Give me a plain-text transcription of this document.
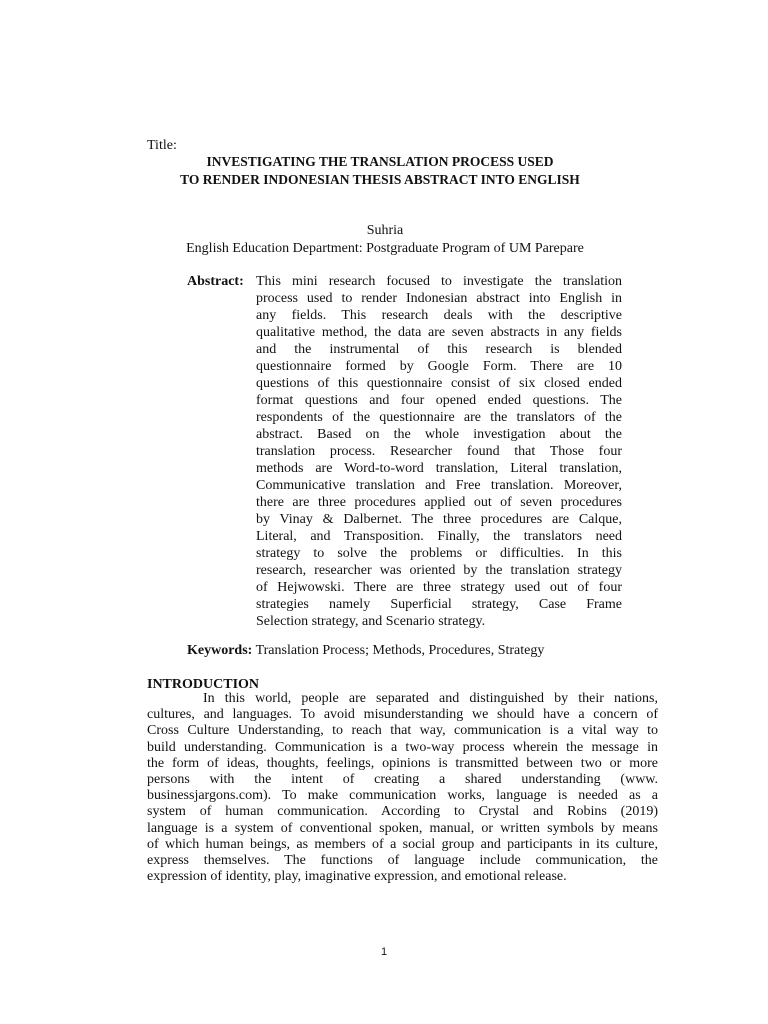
Title:
INVESTIGATING THE TRANSLATION PROCESS USED
TO RENDER INDONESIAN THESIS ABSTRACT INTO ENGLISH
Suhria
English Education Department: Postgraduate Program of UM Parepare
Abstract: This mini research focused to investigate the translation
process used to render Indonesian abstract into English in
any fields. This research deals with the descriptive
qualitative method, the data are seven abstracts in any fields
and the instrumental of this research is blended
questionnaire formed by Google Form. There are 10
questions of this questionnaire consist of six closed ended
format questions and four opened ended questions. The
respondents of the questionnaire are the translators of the
abstract. Based on the whole investigation about the
translation process. Researcher found that Those four
methods are Word-to-word translation, Literal translation,
Communicative translation and Free translation. Moreover,
there are three procedures applied out of seven procedures
by Vinay & Dalbernet. The three procedures are Calque,
Literal, and Transposition. Finally, the translators need
strategy to solve the problems or difficulties. In this
research, researcher was oriented by the translation strategy
of Hejwowski. There are three strategy used out of four
strategies namely Superficial strategy, Case Frame
Selection strategy, and Scenario strategy.
Keywords: Translation Process; Methods, Procedures, Strategy
INTRODUCTION
In this world, people are separated and distinguished by their nations,
cultures, and languages. To avoid misunderstanding we should have a concern of
Cross Culture Understanding, to reach that way, communication is a vital way to
build understanding. Communication is a two-way process wherein the message in
the form of ideas, thoughts, feelings, opinions is transmitted between two or more
persons with the intent of creating a shared understanding (www.
businessjargons.com). To make communication works, language is needed as a
system of human communication. According to Crystal and Robins (2019)
language is a system of conventional spoken, manual, or written symbols by means
of which human beings, as members of a social group and participants in its culture,
express themselves. The functions of language include communication, the
expression of identity, play, imaginative expression, and emotional release.
1
